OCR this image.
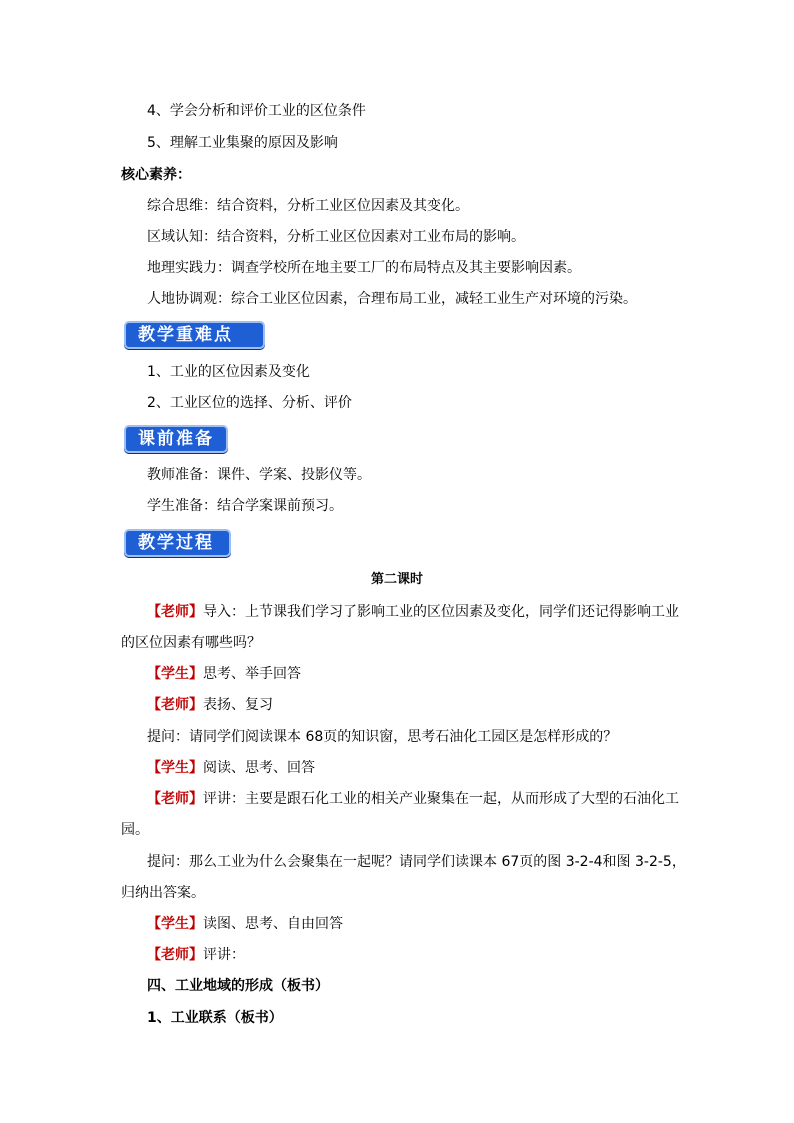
4、学会分析和评价工业的区位条件
5、理解工业集聚的原因及影响
核心素养：
综合思维：结合资料，分析工业区位因素及其变化。
区域认知：结合资料，分析工业区位因素对工业布局的影响。
地理实践力：调查学校所在地主要工厂的布局特点及其主要影响因素。
人地协调观：综合工业区位因素，合理布局工业，减轻工业生产对环境的污染。
教学重难点
1、工业的区位因素及变化
2、工业区位的选择、分析、评价
课前准备
教师准备：课件、学案、投影仪等。
学生准备：结合学案课前预习。
教学过程
第二课时
【老师】导入：上节课我们学习了影响工业的区位因素及变化，同学们还记得影响工业
的区位因素有哪些吗？
【学生】思考、举手回答
【老师】表扬、复习
提问：请同学们阅读课本 68页的知识窗，思考石油化工园区是怎样形成的？
【学生】阅读、思考、回答
【老师】评讲：主要是跟石化工业的相关产业聚集在一起，从而形成了大型的石油化工
园。
提问：那么工业为什么会聚集在一起呢？请同学们读课本 67页的图 3-2-4和图 3-2-5，
归纳出答案。
【学生】读图、思考、自由回答
【老师】评讲：
四、工业地域的形成（板书）
1、工业联系（板书）
